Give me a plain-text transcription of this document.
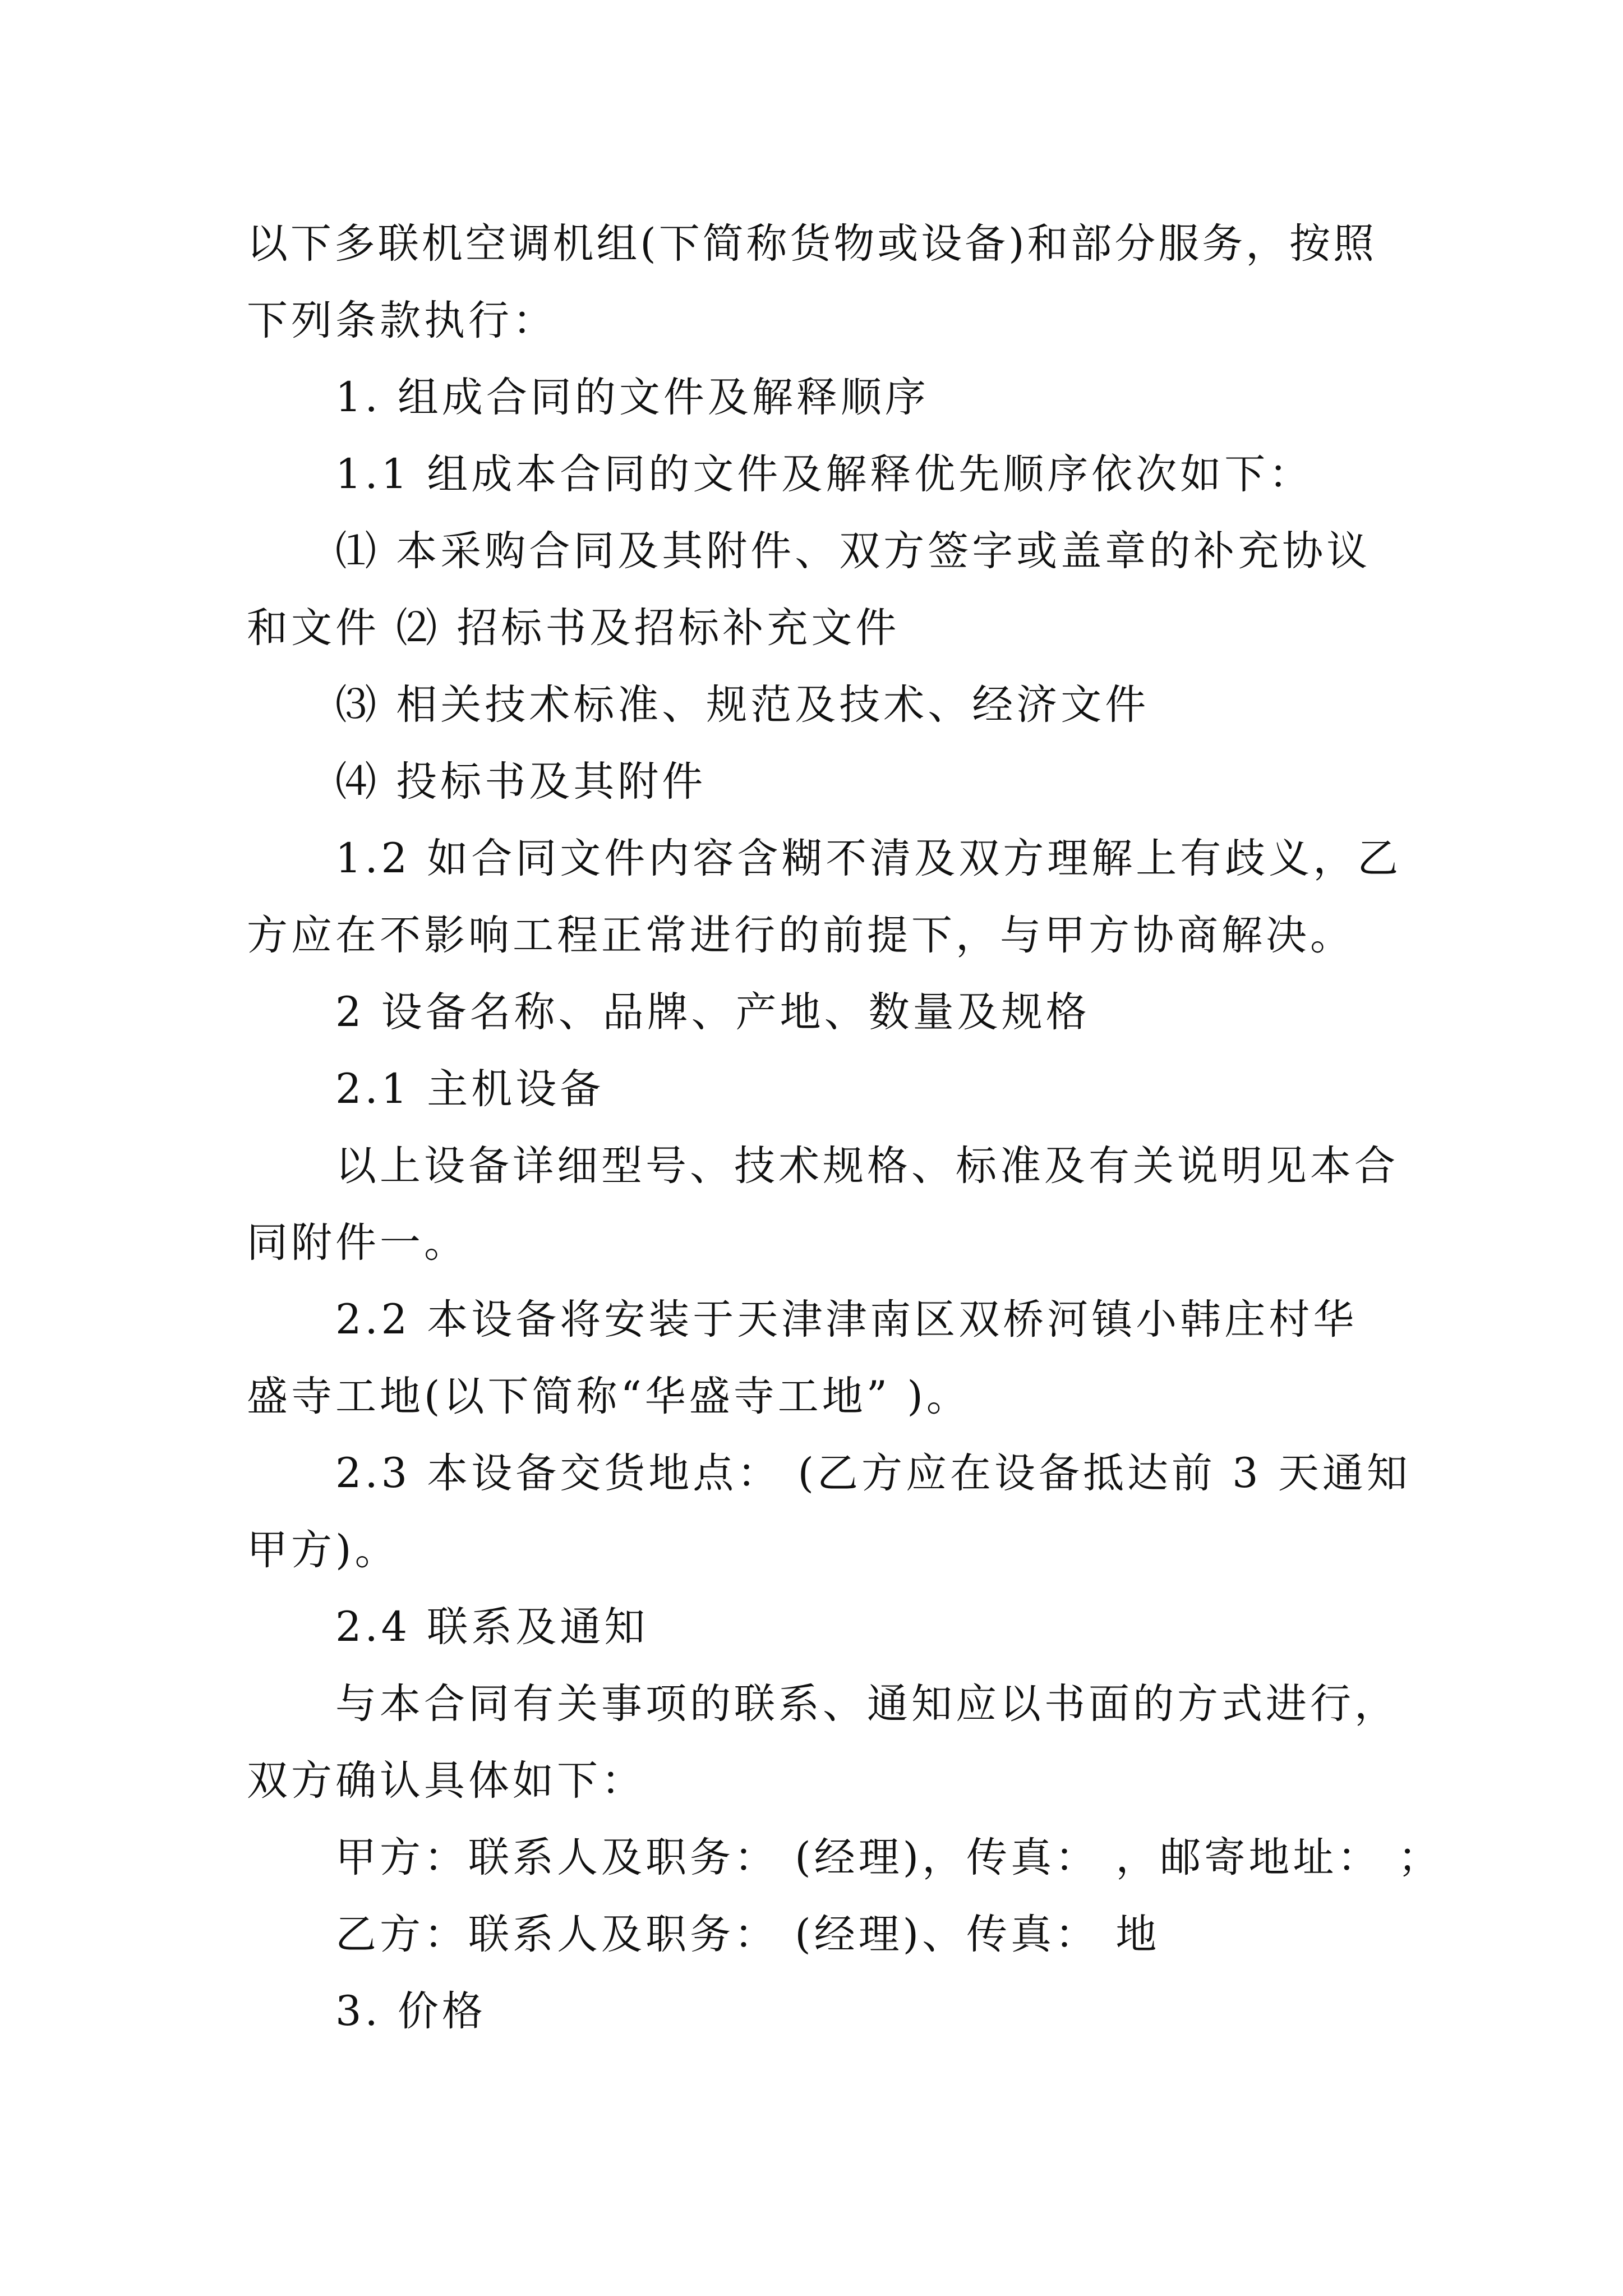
以 下 多 联 机 空 调 机 组 ( 下 简 称 货 物 或 设 备 ) 和 部 分 服 务 ， 按 照

下列条款执行：

1. 组成合同的文件及解释顺序

1.1 组成本合同的文件及解释优先顺序依次如下：

⑴ 本采购合同及其附件、双方签字或盖章的补充协议

和文件 ⑵ 招标书及招标补充文件

⑶ 相关技术标准、规范及技术、经济文件

⑷ 投标书及其附件

1.2 如合同文件内容含糊不清及双方理解上有歧义，乙

方应在不影响工程正常进行的前提下，与甲方协商解决。

2 设备名称、品牌、产地、数量及规格

2.1 主机设备

以上设备详细型号、技术规格、标准及有关说明见本合

同附件一。

2.2 本设备将安装于天津津南区双桥河镇小韩庄村华

盛寺工地(以下简称“华盛寺工地” )。

2.3 本设备交货地点： (乙方应在设备抵达前 3 天通知

甲方)。

2.4 联系及通知

与本合同有关事项的联系、通知应以书面的方式进行，

双方确认具体如下：

甲方：联系人及职务： (经理)，传真： ，邮寄地址： ；

乙方：联系人及职务： (经理)、传真： 地

3. 价格
